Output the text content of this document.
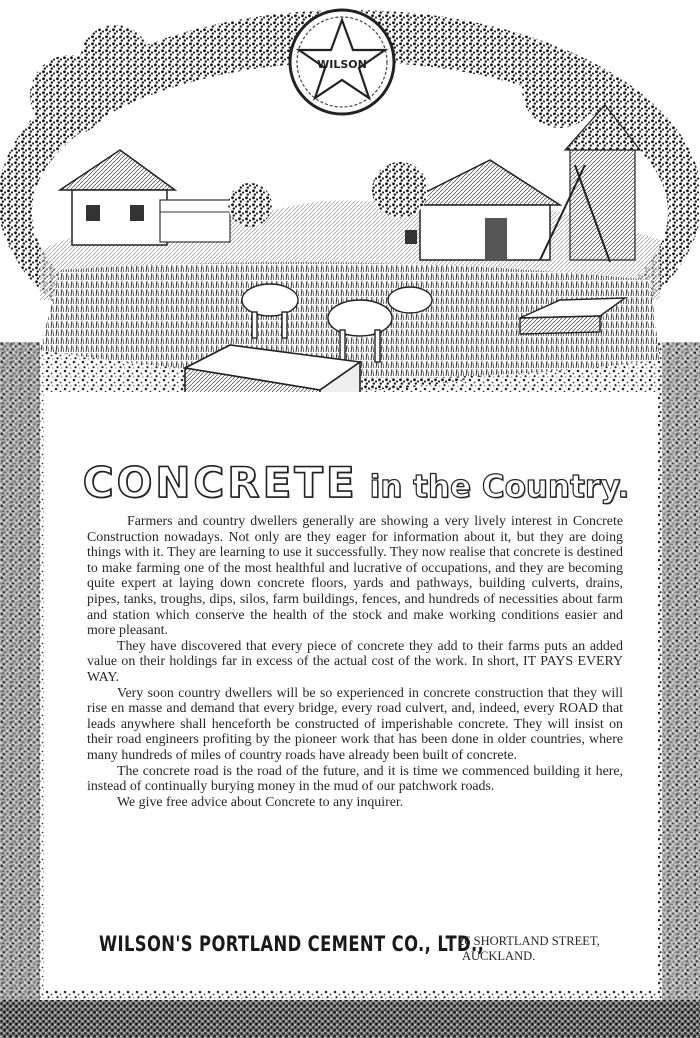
WILSON
CONCRETE in the Country.

Farmers and country dwellers generally are showing a very lively interest in Concrete Construction nowadays. Not only are they eager for information about it, but they are doing things with it. They are learning to use it successfully. They now realise that concrete is destined to make farming one of the most healthful and lucrative of occupations, and they are becoming quite expert at laying down concrete floors, yards and pathways, building culverts, drains, pipes, tanks, troughs, dips, silos, farm buildings, fences, and hundreds of necessities about farm and station which conserve the health of the stock and make working conditions easier and more pleasant.

They have discovered that every piece of concrete they add to their farms puts an added value on their holdings far in excess of the actual cost of the work. In short, IT PAYS EVERY WAY.

Very soon country dwellers will be so experienced in concrete construction that they will rise en masse and demand that every bridge, every road culvert, and, indeed, every ROAD that leads anywhere shall henceforth be constructed of imperishable concrete. They will insist on their road engineers profiting by the pioneer work that has been done in older countries, where many hundreds of miles of country roads have already been built of concrete.

The concrete road is the road of the future, and it is time we commenced building it here, instead of continually burying money in the mud of our patchwork roads.

We give free advice about Concrete to any inquirer.

WILSON'S PORTLAND CEMENT CO., LTD.,
26 SHORTLAND STREET,
AUCKLAND.
